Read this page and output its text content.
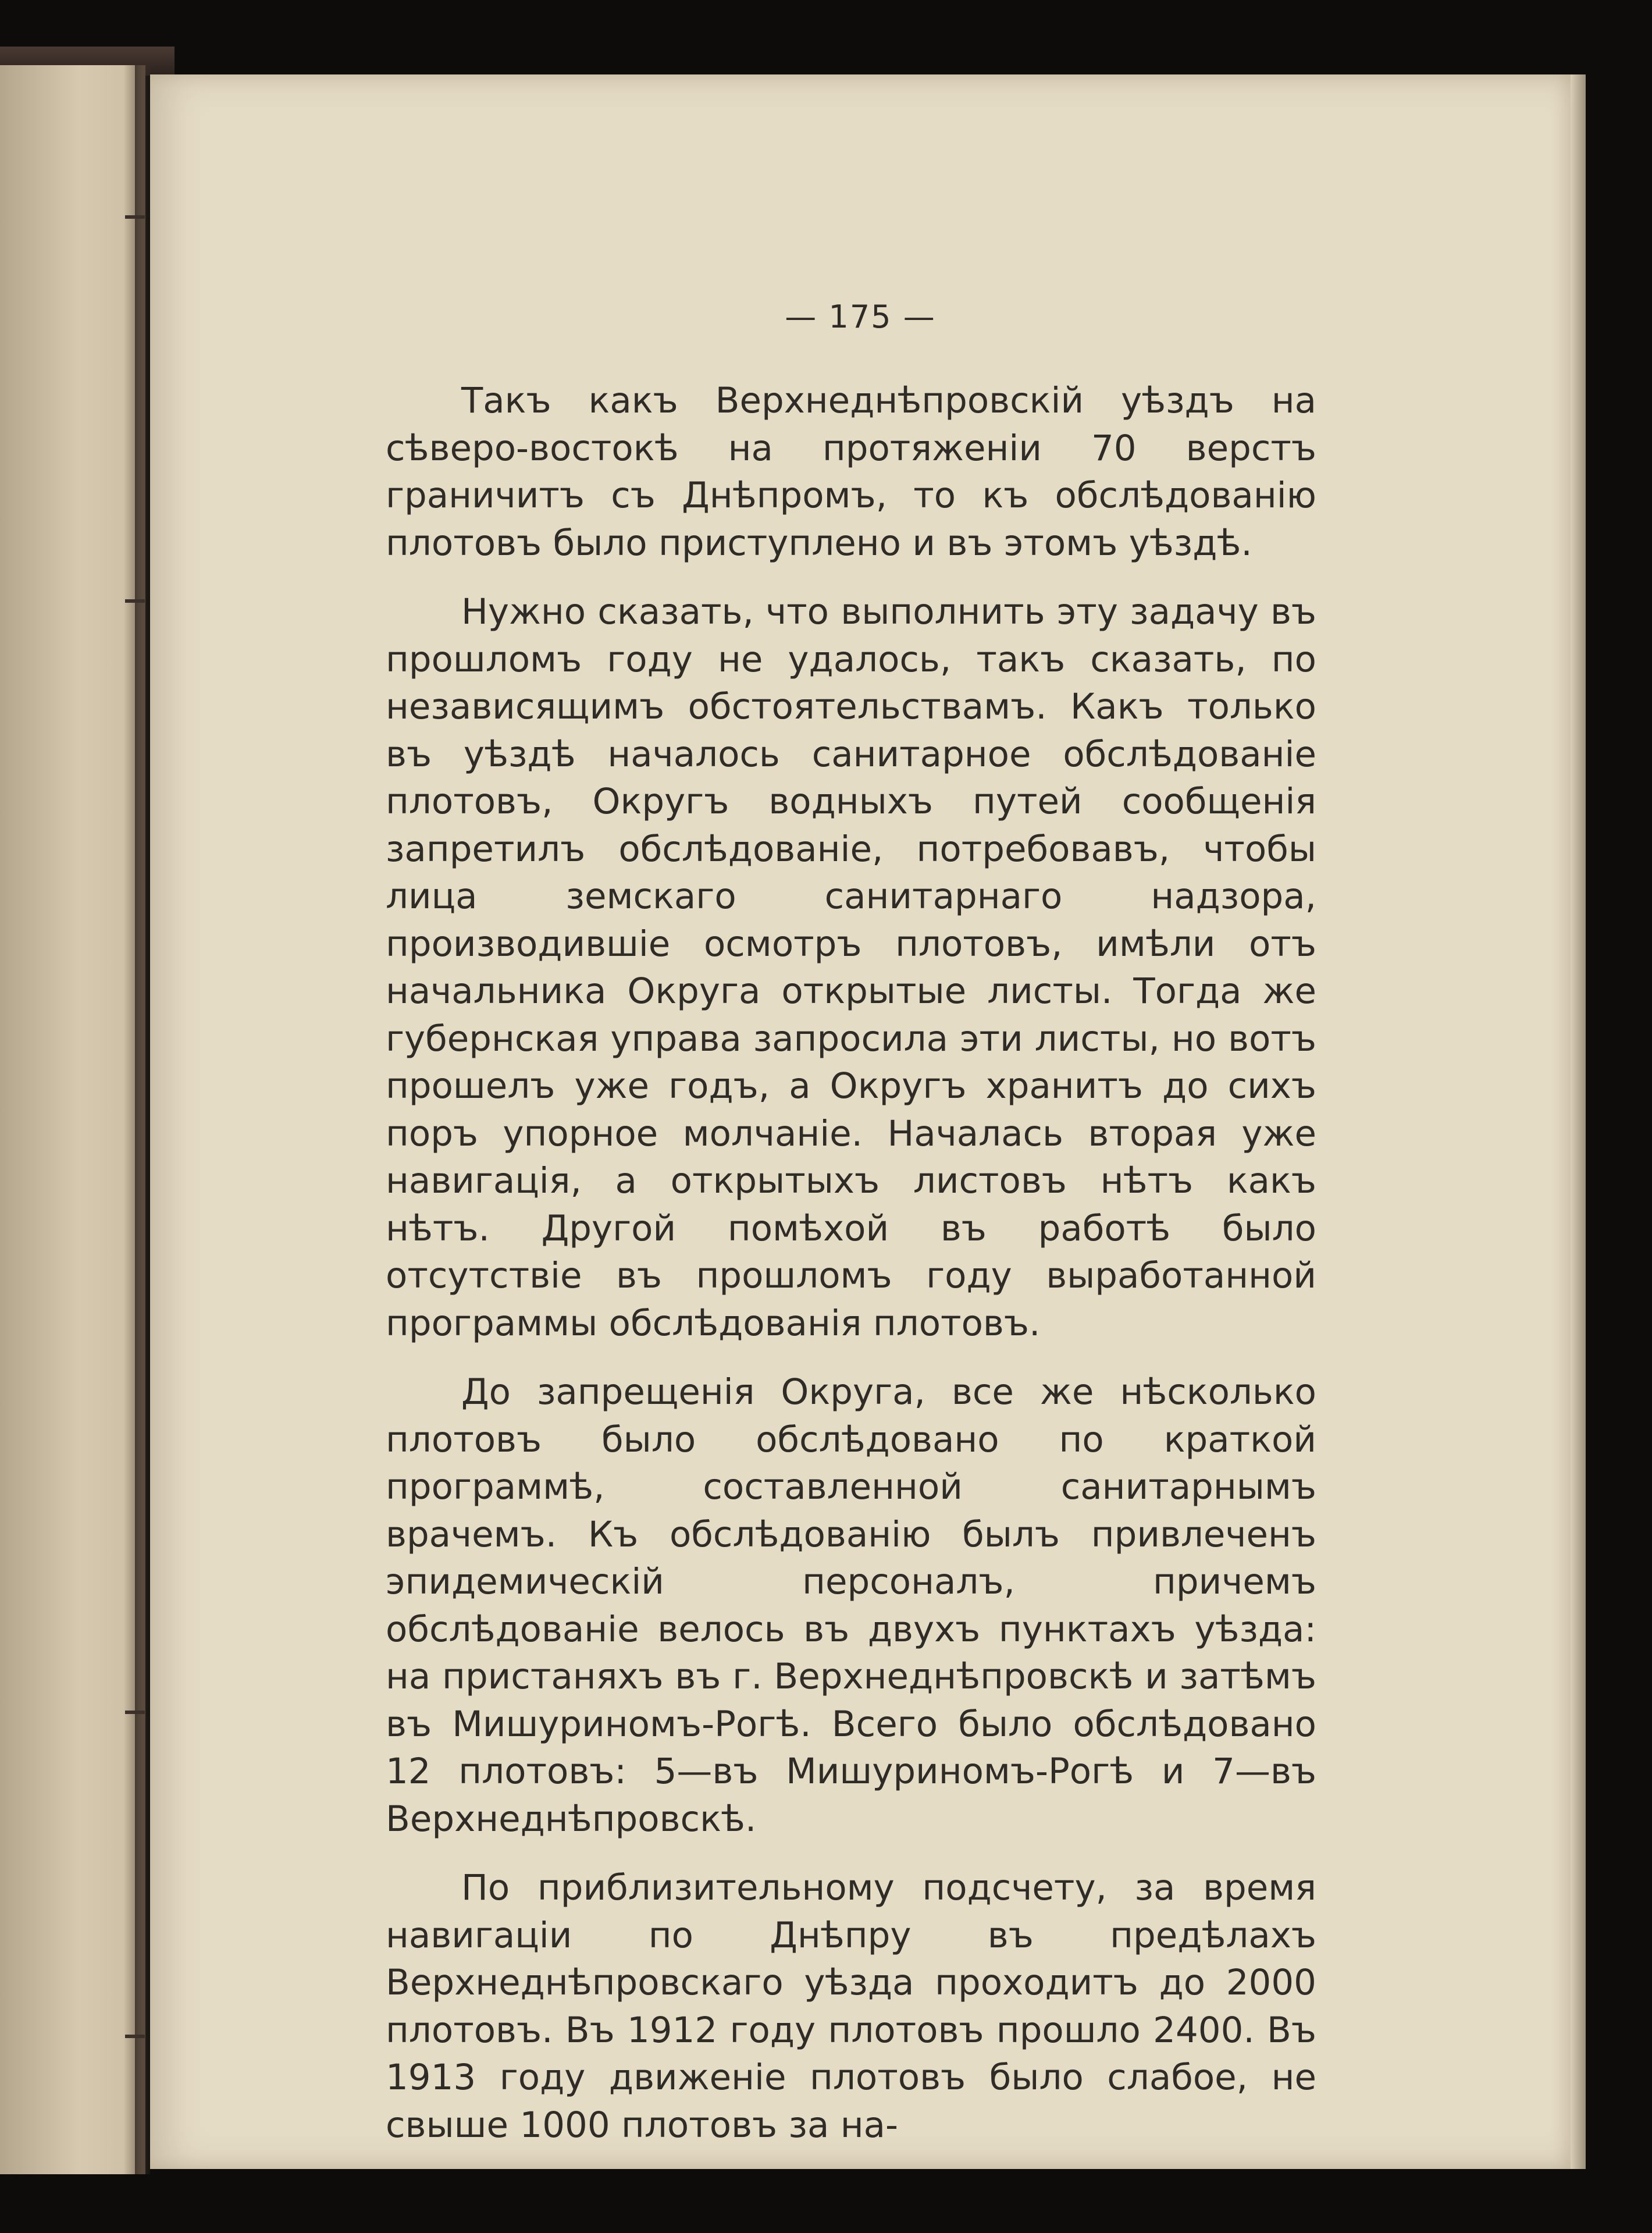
— 175 —

Такъ какъ Верхнеднѣпровскій уѣздъ на сѣверо-востокѣ на протяженіи 70 верстъ граничитъ съ Днѣпромъ, то къ обслѣдованію плотовъ было приступлено и въ этомъ уѣздѣ.

Нужно сказать, что выполнить эту задачу въ прошломъ году не удалось, такъ сказать, по независящимъ обстоятельствамъ. Какъ только въ уѣздѣ началось санитарное обслѣдованіе плотовъ, Округъ водныхъ путей сообщенія запретилъ обслѣдованіе, потребовавъ, чтобы лица земскаго санитарнаго надзора, производившіе осмотръ плотовъ, имѣли отъ начальника Округа открытые листы. Тогда же губернская управа запросила эти листы, но вотъ прошелъ уже годъ, а Округъ хранитъ до сихъ поръ упорное молчаніе. Началась вторая уже навигація, а открытыхъ листовъ нѣтъ какъ нѣтъ. Другой помѣхой въ работѣ было отсутствіе въ прошломъ году выработанной программы обслѣдованія плотовъ.

До запрещенія Округа, все же нѣсколько плотовъ было обслѣдовано по краткой программѣ, составленной санитарнымъ врачемъ. Къ обслѣдованію былъ привлеченъ эпидемическій персоналъ, причемъ обслѣдованіе велось въ двухъ пунктахъ уѣзда: на пристаняхъ въ г. Верхнеднѣпровскѣ и затѣмъ въ Мишуриномъ-Рогѣ. Всего было обслѣдовано 12 плотовъ: 5—въ Мишуриномъ-Рогѣ и 7—въ Верхнеднѣпровскѣ.

По приблизительному подсчету, за время навигаціи по Днѣпру въ предѣлахъ Верхнеднѣпровскаго уѣзда проходитъ до 2000 плотовъ. Въ 1912 году плотовъ прошло 2400. Въ 1913 году движеніе плотовъ было слабое, не свыше 1000 плотовъ за на-
